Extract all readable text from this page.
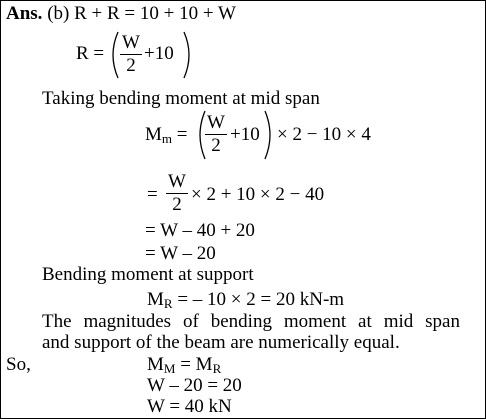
Ans. (b) R + R = 10 + 10 + W
R =
W
2
+10
Taking bending moment at mid span
$M_m$ =
W
2
+10 × 2 − 10 × 4
=
W
2 × 2 + 10 × 2 − 40
= W – 40 + 20
= W – 20
Bending moment at support
$M_R$ = – 10 × 2 = 20 kN-m
The magnitudes of bending moment at mid span
and support of the beam are numerically equal.
So,	$M_M = M_R$
W – 20 = 20
W = 40 kN
